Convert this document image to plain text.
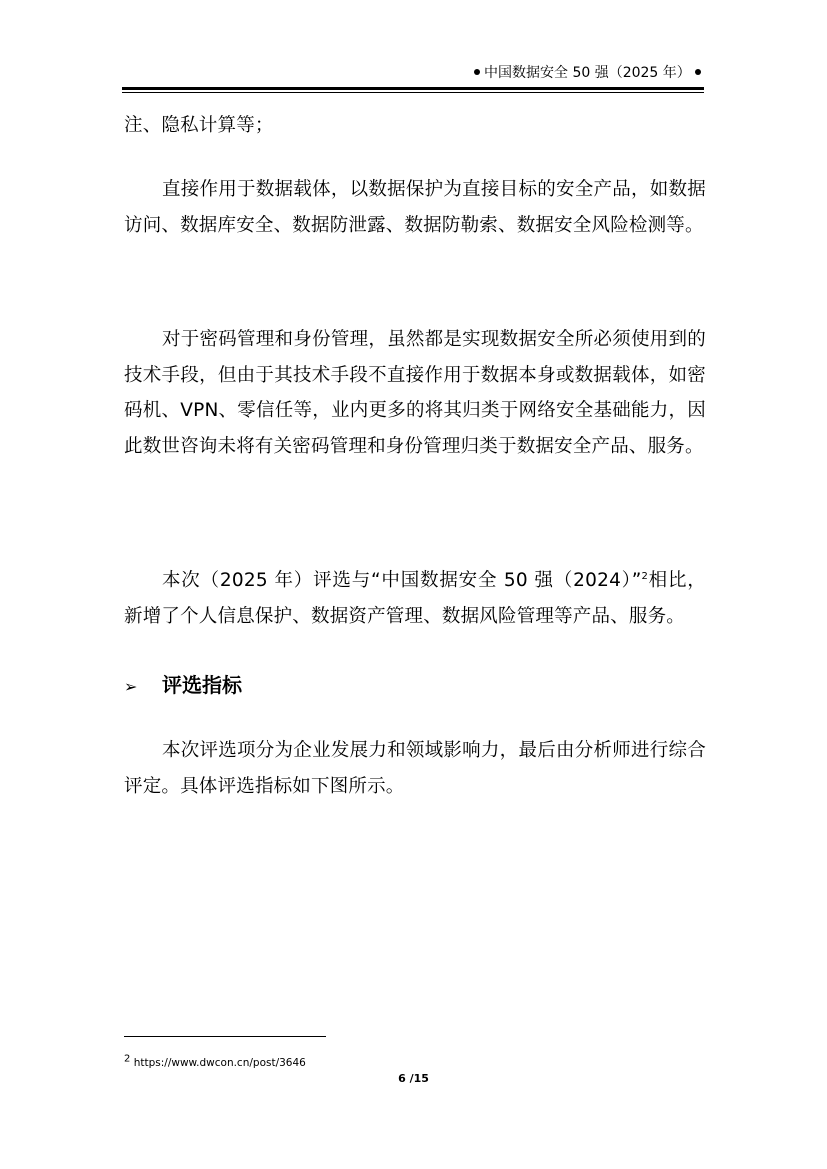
中国数据安全 50 强（2025 年）
注、隐私计算等；
直接作用于数据载体，以数据保护为直接目标的安全产品，如数据访问、数据库安全、数据防泄露、数据防勒索、数据安全风险检测等。
对于密码管理和身份管理，虽然都是实现数据安全所必须使用到的技术手段，但由于其技术手段不直接作用于数据本身或数据载体，如密码机、VPN、零信任等，业内更多的将其归类于网络安全基础能力，因此数世咨询未将有关密码管理和身份管理归类于数据安全产品、服务。
本次（2025 年）评选与“中国数据安全 50 强（2024）”$^2$相比，新增了个人信息保护、数据资产管理、数据风险管理等产品、服务。
➢ 评选指标
本次评选项分为企业发展力和领域影响力，最后由分析师进行综合评定。具体评选指标如下图所示。
$^2$ https://www.dwcon.cn/post/3646
6 /15
